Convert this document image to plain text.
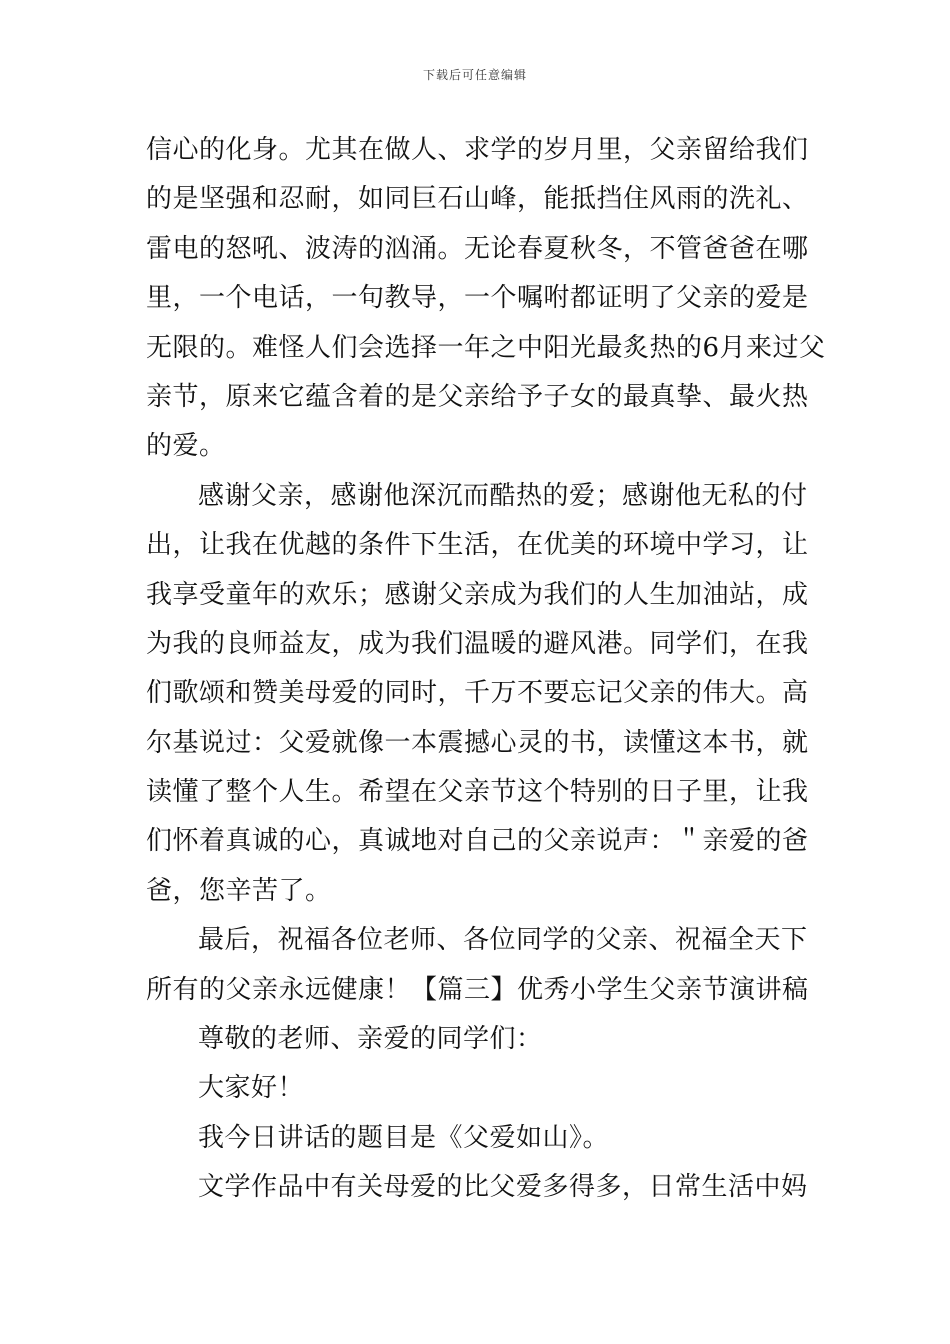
下载后可任意编辑
信心的化身。尤其在做人、求学的岁月里，父亲留给我们
的是坚强和忍耐，如同巨石山峰，能抵挡住风雨的洗礼、
雷电的怒吼、波涛的汹涌。无论春夏秋冬，不管爸爸在哪
里，一个电话，一句教导，一个嘱咐都证明了父亲的爱是
无限的。难怪人们会选择一年之中阳光最炙热的6月来过父
亲节，原来它蕴含着的是父亲给予子女的最真挚、最火热
的爱。
感谢父亲，感谢他深沉而酷热的爱；感谢他无私的付
出，让我在优越的条件下生活，在优美的环境中学习，让
我享受童年的欢乐；感谢父亲成为我们的人生加油站，成
为我的良师益友，成为我们温暖的避风港。同学们，在我
们歌颂和赞美母爱的同时，千万不要忘记父亲的伟大。高
尔基说过：父爱就像一本震撼心灵的书，读懂这本书，就
读懂了整个人生。希望在父亲节这个特别的日子里，让我
们怀着真诚的心，真诚地对自己的父亲说声：＂亲爱的爸
爸，您辛苦了。
最后，祝福各位老师、各位同学的父亲、祝福全天下
所有的父亲永远健康！【篇三】优秀小学生父亲节演讲稿
尊敬的老师、亲爱的同学们：
大家好！
我今日讲话的题目是《父爱如山》。
文学作品中有关母爱的比父爱多得多，日常生活中妈
